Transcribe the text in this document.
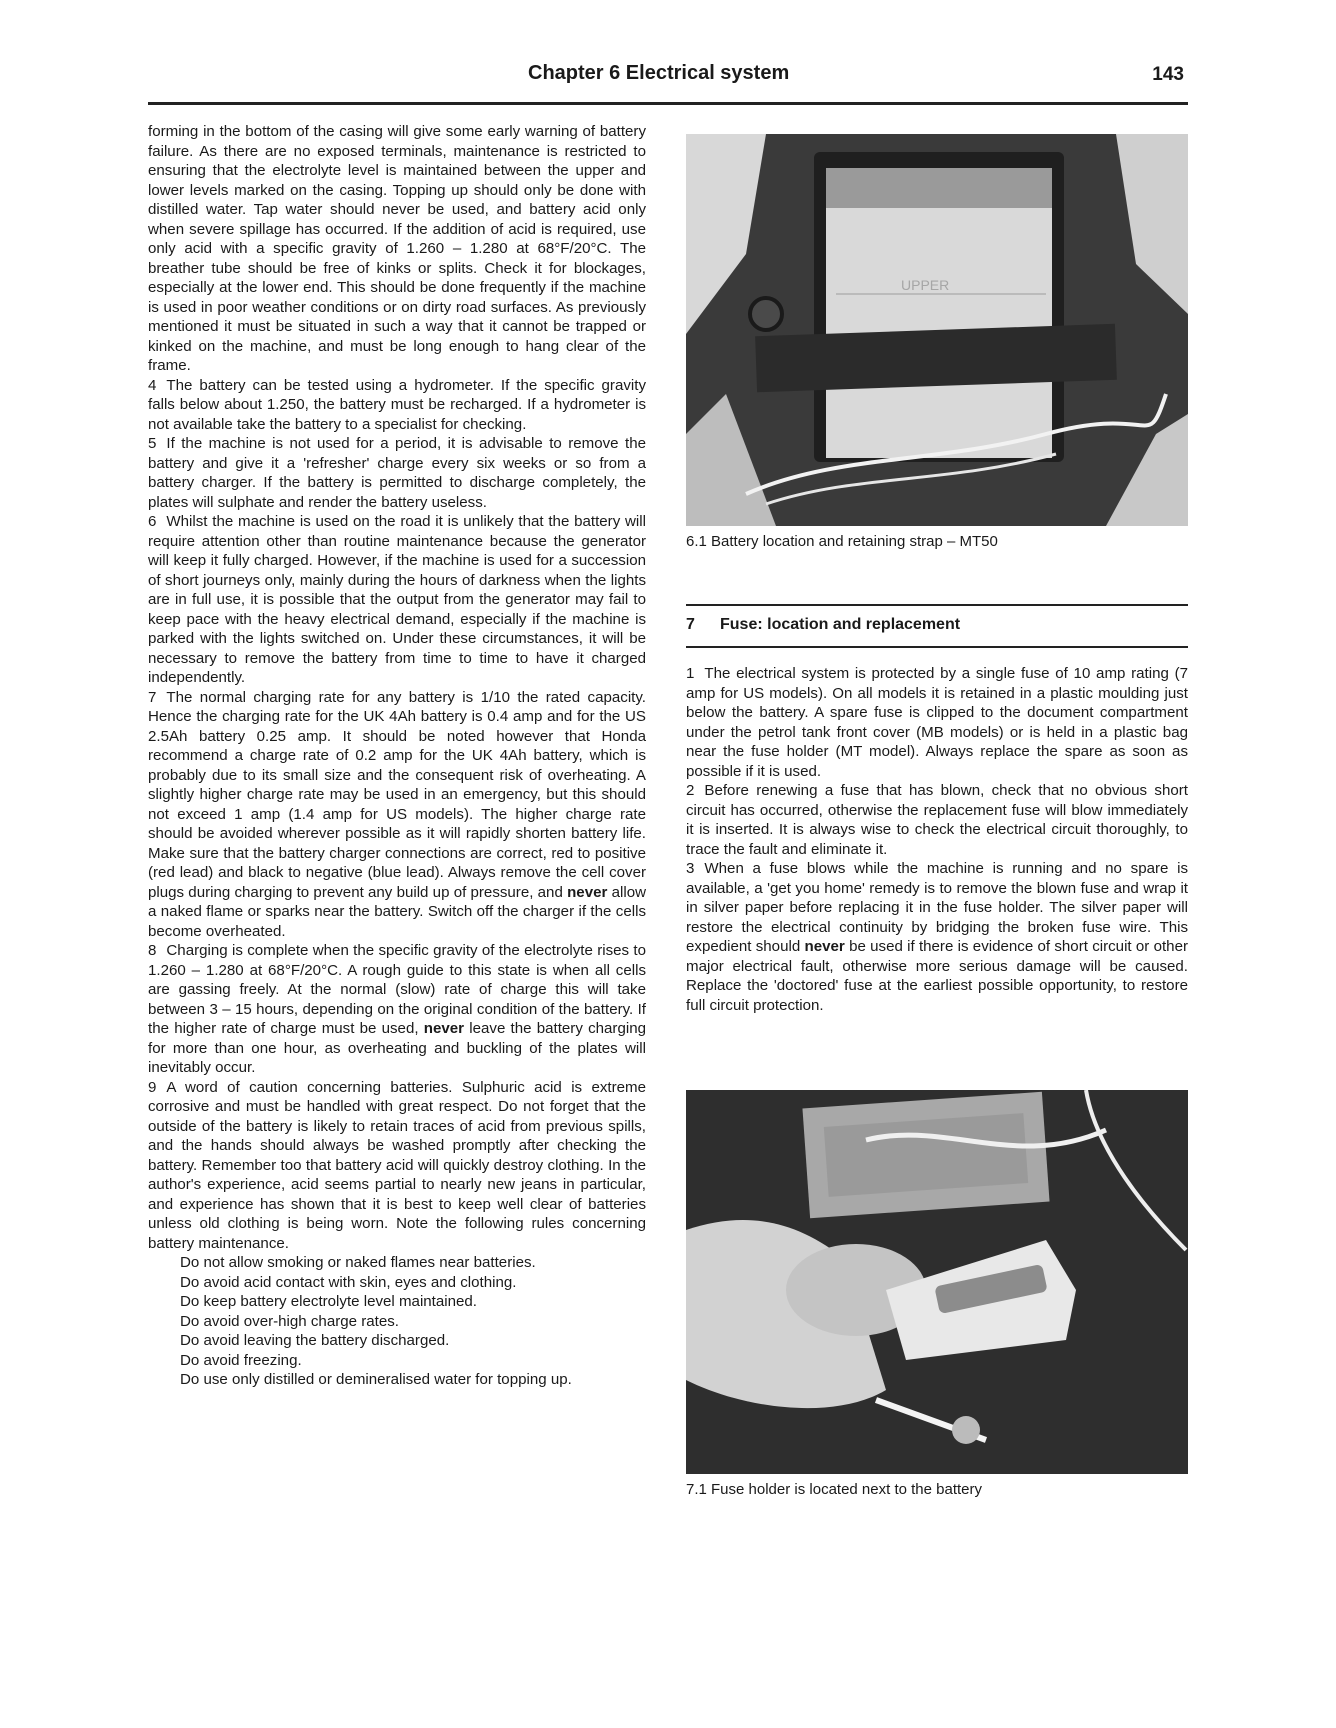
Chapter 6 Electrical system	143

forming in the bottom of the casing will give some early warning of battery failure. As there are no exposed terminals, maintenance is restricted to ensuring that the electrolyte level is maintained between the upper and lower levels marked on the casing. Topping up should only be done with distilled water. Tap water should never be used, and battery acid only when severe spillage has occurred. If the addition of acid is required, use only acid with a specific gravity of 1.260 – 1.280 at 68°F/20°C. The breather tube should be free of kinks or splits. Check it for blockages, especially at the lower end. This should be done frequently if the machine is used in poor weather conditions or on dirty road surfaces. As previously mentioned it must be situated in such a way that it cannot be trapped or kinked on the machine, and must be long enough to hang clear of the frame.

4 The battery can be tested using a hydrometer. If the specific gravity falls below about 1.250, the battery must be recharged. If a hydrometer is not available take the battery to a specialist for checking.

5 If the machine is not used for a period, it is advisable to remove the battery and give it a 'refresher' charge every six weeks or so from a battery charger. If the battery is permitted to discharge completely, the plates will sulphate and render the battery useless.

6 Whilst the machine is used on the road it is unlikely that the battery will require attention other than routine maintenance because the generator will keep it fully charged. However, if the machine is used for a succession of short journeys only, mainly during the hours of darkness when the lights are in full use, it is possible that the output from the generator may fail to keep pace with the heavy electrical demand, especially if the machine is parked with the lights switched on. Under these circumstances, it will be necessary to remove the battery from time to time to have it charged independently.

7 The normal charging rate for any battery is 1/10 the rated capacity. Hence the charging rate for the UK 4Ah battery is 0.4 amp and for the US 2.5Ah battery 0.25 amp. It should be noted however that Honda recommend a charge rate of 0.2 amp for the UK 4Ah battery, which is probably due to its small size and the consequent risk of overheating. A slightly higher charge rate may be used in an emergency, but this should not exceed 1 amp (1.4 amp for US models). The higher charge rate should be avoided wherever possible as it will rapidly shorten battery life. Make sure that the battery charger connections are correct, red to positive (red lead) and black to negative (blue lead). Always remove the cell cover plugs during charging to prevent any build up of pressure, and never allow a naked flame or sparks near the battery. Switch off the charger if the cells become overheated.

8 Charging is complete when the specific gravity of the electrolyte rises to 1.260 – 1.280 at 68°F/20°C. A rough guide to this state is when all cells are gassing freely. At the normal (slow) rate of charge this will take between 3 – 15 hours, depending on the original condition of the battery. If the higher rate of charge must be used, never leave the battery charging for more than one hour, as overheating and buckling of the plates will inevitably occur.

9 A word of caution concerning batteries. Sulphuric acid is extreme corrosive and must be handled with great respect. Do not forget that the outside of the battery is likely to retain traces of acid from previous spills, and the hands should always be washed promptly after checking the battery. Remember too that battery acid will quickly destroy clothing. In the author's experience, acid seems partial to nearly new jeans in particular, and experience has shown that it is best to keep well clear of batteries unless old clothing is being worn. Note the following rules concerning battery maintenance.

Do not allow smoking or naked flames near batteries.
Do avoid acid contact with skin, eyes and clothing.
Do keep battery electrolyte level maintained.
Do avoid over-high charge rates.
Do avoid leaving the battery discharged.
Do avoid freezing.
Do use only distilled or demineralised water for topping up.
UPPER
6.1 Battery location and retaining strap – MT50
7 Fuse: location and replacement

1 The electrical system is protected by a single fuse of 10 amp rating (7 amp for US models). On all models it is retained in a plastic moulding just below the battery. A spare fuse is clipped to the document compartment under the petrol tank front cover (MB models) or is held in a plastic bag near the fuse holder (MT model). Always replace the spare as soon as possible if it is used.

2 Before renewing a fuse that has blown, check that no obvious short circuit has occurred, otherwise the replacement fuse will blow immediately it is inserted. It is always wise to check the electrical circuit thoroughly, to trace the fault and eliminate it.

3 When a fuse blows while the machine is running and no spare is available, a 'get you home' remedy is to remove the blown fuse and wrap it in silver paper before replacing it in the fuse holder. The silver paper will restore the electrical continuity by bridging the broken fuse wire. This expedient should never be used if there is evidence of short circuit or other major electrical fault, otherwise more serious damage will be caused. Replace the 'doctored' fuse at the earliest possible opportunity, to restore full circuit protection.

7.1 Fuse holder is located next to the battery
